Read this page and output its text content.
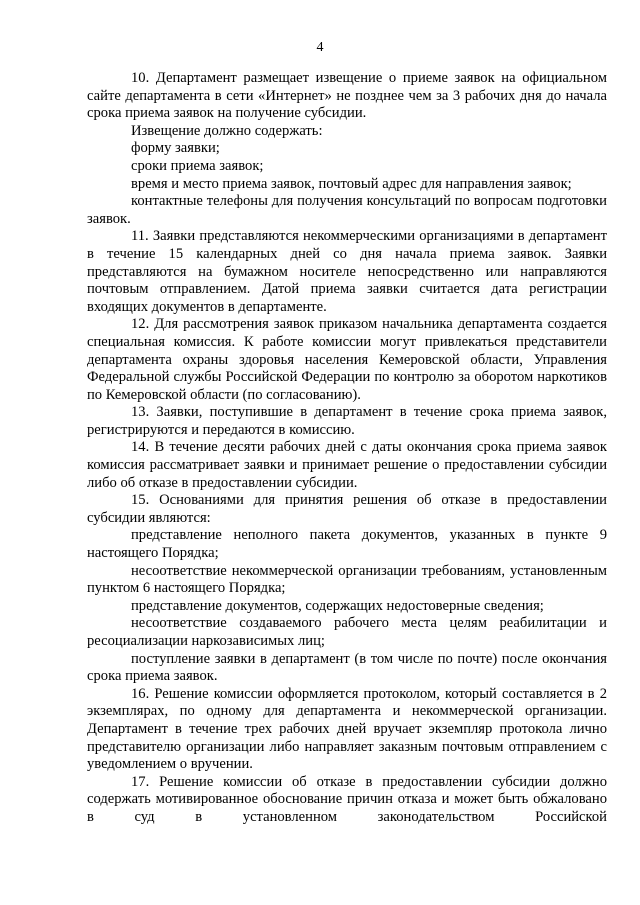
4

10. Департамент размещает извещение о приеме заявок на официальном сайте департамента в сети «Интернет» не позднее чем за 3 рабочих дня до начала срока приема заявок на получение субсидии.

Извещение должно содержать:

форму заявки;

сроки приема заявок;

время и место приема заявок, почтовый адрес для направления заявок;

контактные телефоны для получения консультаций по вопросам подготовки заявок.

11. Заявки представляются некоммерческими организациями в департамент в течение 15 календарных дней со дня начала приема заявок. Заявки представляются на бумажном носителе непосредственно или направляются почтовым отправлением. Датой приема заявки считается дата регистрации входящих документов в департаменте.

12. Для рассмотрения заявок приказом начальника департамента создается специальная комиссия. К работе комиссии могут привлекаться представители департамента охраны здоровья населения Кемеровской области, Управления Федеральной службы Российской Федерации по контролю за оборотом наркотиков по Кемеровской области (по согласованию).

13. Заявки, поступившие в департамент в течение срока приема заявок, регистрируются и передаются в комиссию.

14. В течение десяти рабочих дней с даты окончания срока приема заявок комиссия рассматривает заявки и принимает решение о предоставлении субсидии либо об отказе в предоставлении субсидии.

15. Основаниями для принятия решения об отказе в предоставлении субсидии являются:

представление неполного пакета документов, указанных в пункте 9 настоящего Порядка;

несоответствие некоммерческой организации требованиям, установленным пунктом 6 настоящего Порядка;

представление документов, содержащих недостоверные сведения;

несоответствие создаваемого рабочего места целям реабилитации и ресоциализации наркозависимых лиц;

поступление заявки в департамент (в том числе по почте) после окончания срока приема заявок.

16. Решение комиссии оформляется протоколом, который составляется в 2 экземплярах, по одному для департамента и некоммерческой организации. Департамент в течение трех рабочих дней вручает экземпляр протокола лично представителю организации либо направляет заказным почтовым отправлением с уведомлением о вручении.

17. Решение комиссии об отказе в предоставлении субсидии должно содержать мотивированное обоснование причин отказа и может быть обжаловано в суд в установленном законодательством Российской
